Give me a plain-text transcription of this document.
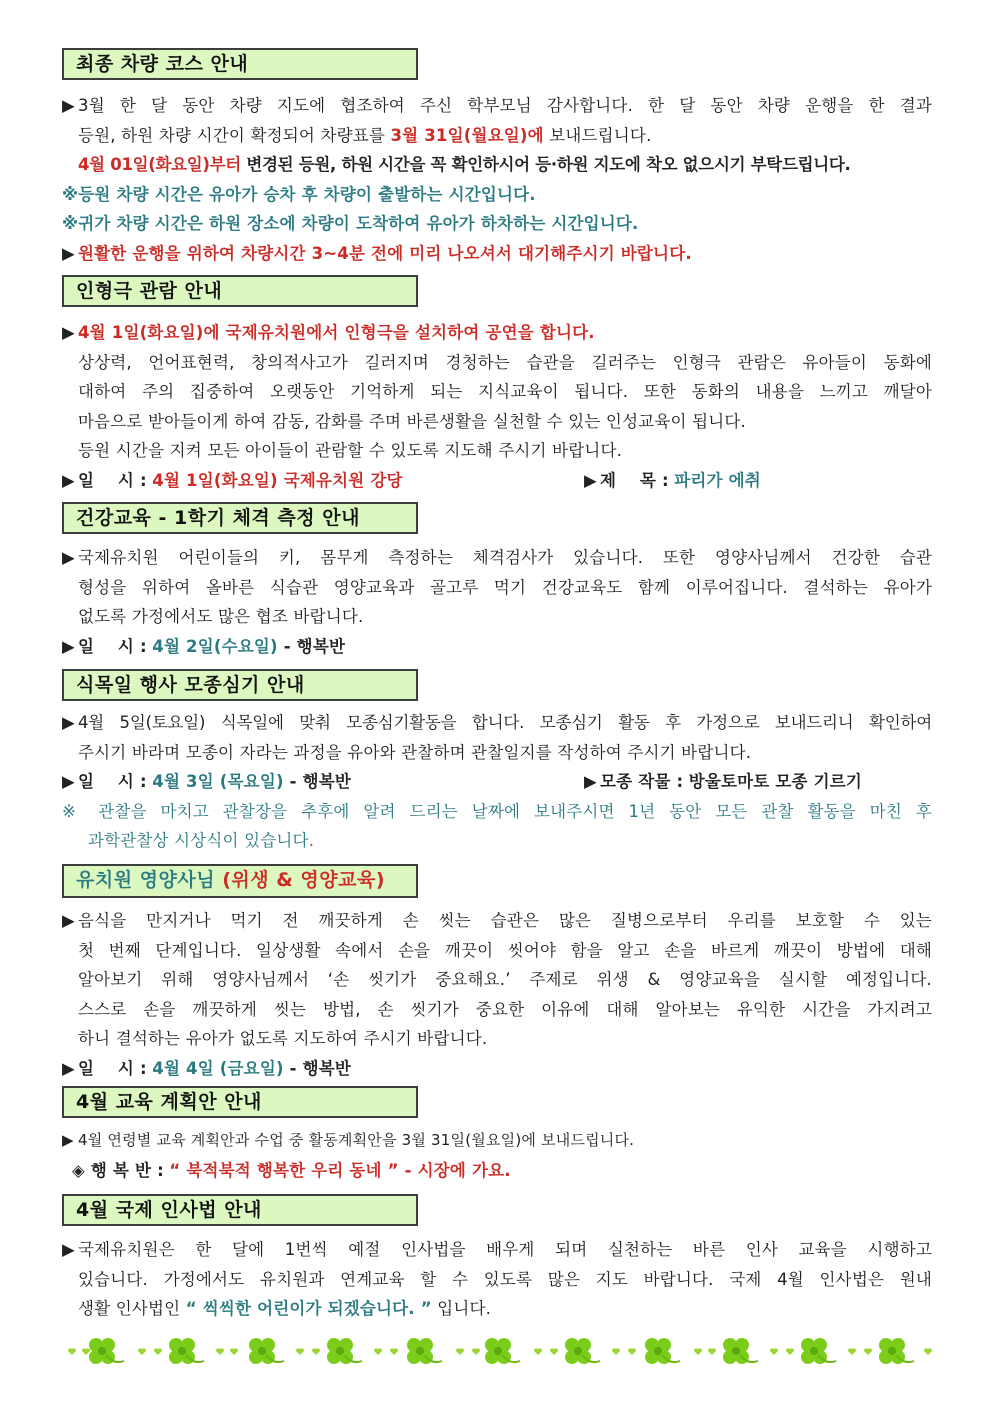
최종 차량 코스 안내
▶ 3월 한 달 동안 차량 지도에 협조하여 주신 학부모님 감사합니다. 한 달 동안 차량 운행을 한 결과
등원, 하원 차량 시간이 확정되어 차량표를 3월 31일(월요일)에 보내드립니다.
4월 01일(화요일)부터 변경된 등원, 하원 시간을 꼭 확인하시어 등·하원 지도에 착오 없으시기 부탁드립니다.
※등원 차량 시간은 유아가 승차 후 차량이 출발하는 시간입니다.
※귀가 차량 시간은 하원 장소에 차량이 도착하여 유아가 하차하는 시간입니다.
▶ 원활한 운행을 위하여 차량시간 3~4분 전에 미리 나오셔서 대기해주시기 바랍니다.
인형극 관람 안내
▶ 4월 1일(화요일)에 국제유치원에서 인형극을 설치하여 공연을 합니다.
상상력, 언어표현력, 창의적사고가 길러지며 경청하는 습관을 길러주는 인형극 관람은 유아들이 동화에
대하여 주의 집중하여 오랫동안 기억하게 되는 지식교육이 됩니다. 또한 동화의 내용을 느끼고 깨달아
마음으로 받아들이게 하여 감동, 감화를 주며 바른생활을 실천할 수 있는 인성교육이 됩니다.
등원 시간을 지켜 모든 아이들이 관람할 수 있도록 지도해 주시기 바랍니다.
▶ 일    시 : 4월 1일(화요일) 국제유치원 강당	▶ 제    목 : 파리가 에취
건강교육 - 1학기 체격 측정 안내
▶ 국제유치원 어린이들의 키, 몸무게 측정하는 체격검사가 있습니다. 또한 영양사님께서 건강한 습관
형성을 위하여 올바른 식습관 영양교육과 골고루 먹기 건강교육도 함께 이루어집니다. 결석하는 유아가
없도록 가정에서도 많은 협조 바랍니다.
▶ 일    시 : 4월 2일(수요일) - 행복반
식목일 행사 모종심기 안내
▶ 4월 5일(토요일) 식목일에 맞춰 모종심기활동을 합니다. 모종심기 활동 후 가정으로 보내드리니 확인하여
주시기 바라며 모종이 자라는 과정을 유아와 관찰하며 관찰일지를 작성하여 주시기 바랍니다.
▶ 일    시 : 4월 3일 (목요일) - 행복반	▶ 모종 작물 : 방울토마토 모종 기르기
※ 관찰을 마치고 관찰장을 추후에 알려 드리는 날짜에 보내주시면 1년 동안 모든 관찰 활동을 마친 후
과학관찰상 시상식이 있습니다.
유치원 영양사님 (위생 & 영양교육)
▶ 음식을 만지거나 먹기 전 깨끗하게 손 씻는 습관은 많은 질병으로부터 우리를 보호할 수 있는
첫 번째 단계입니다. 일상생활 속에서 손을 깨끗이 씻어야 함을 알고 손을 바르게 깨끗이 방법에 대해
알아보기 위해 영양사님께서 ‘손 씻기가 중요해요.’ 주제로 위생 & 영양교육을 실시할 예정입니다.
스스로 손을 깨끗하게 씻는 방법, 손 씻기가 중요한 이유에 대해 알아보는 유익한 시간을 가지려고
하니 결석하는 유아가 없도록 지도하여 주시기 바랍니다.
▶ 일    시 : 4월 4일 (금요일) - 행복반
4월 교육 계획안 안내
▶ 4월 연령별 교육 계획안과 수업 중 활동계획안을 3월 31일(월요일)에 보내드립니다.
◈ 행 복 반 : “ 북적북적 행복한 우리 동네 ” - 시장에 가요.
4월 국제 인사법 안내
▶ 국제유치원은 한 달에 1번씩 예절 인사법을 배우게 되며 실천하는 바른 인사 교육을 시행하고
있습니다. 가정에서도 유치원과 연계교육 할 수 있도록 많은 지도 바랍니다. 국제 4월 인사법은 원내
생활 인사법인 “ 씩씩한 어린이가 되겠습니다. ” 입니다.
